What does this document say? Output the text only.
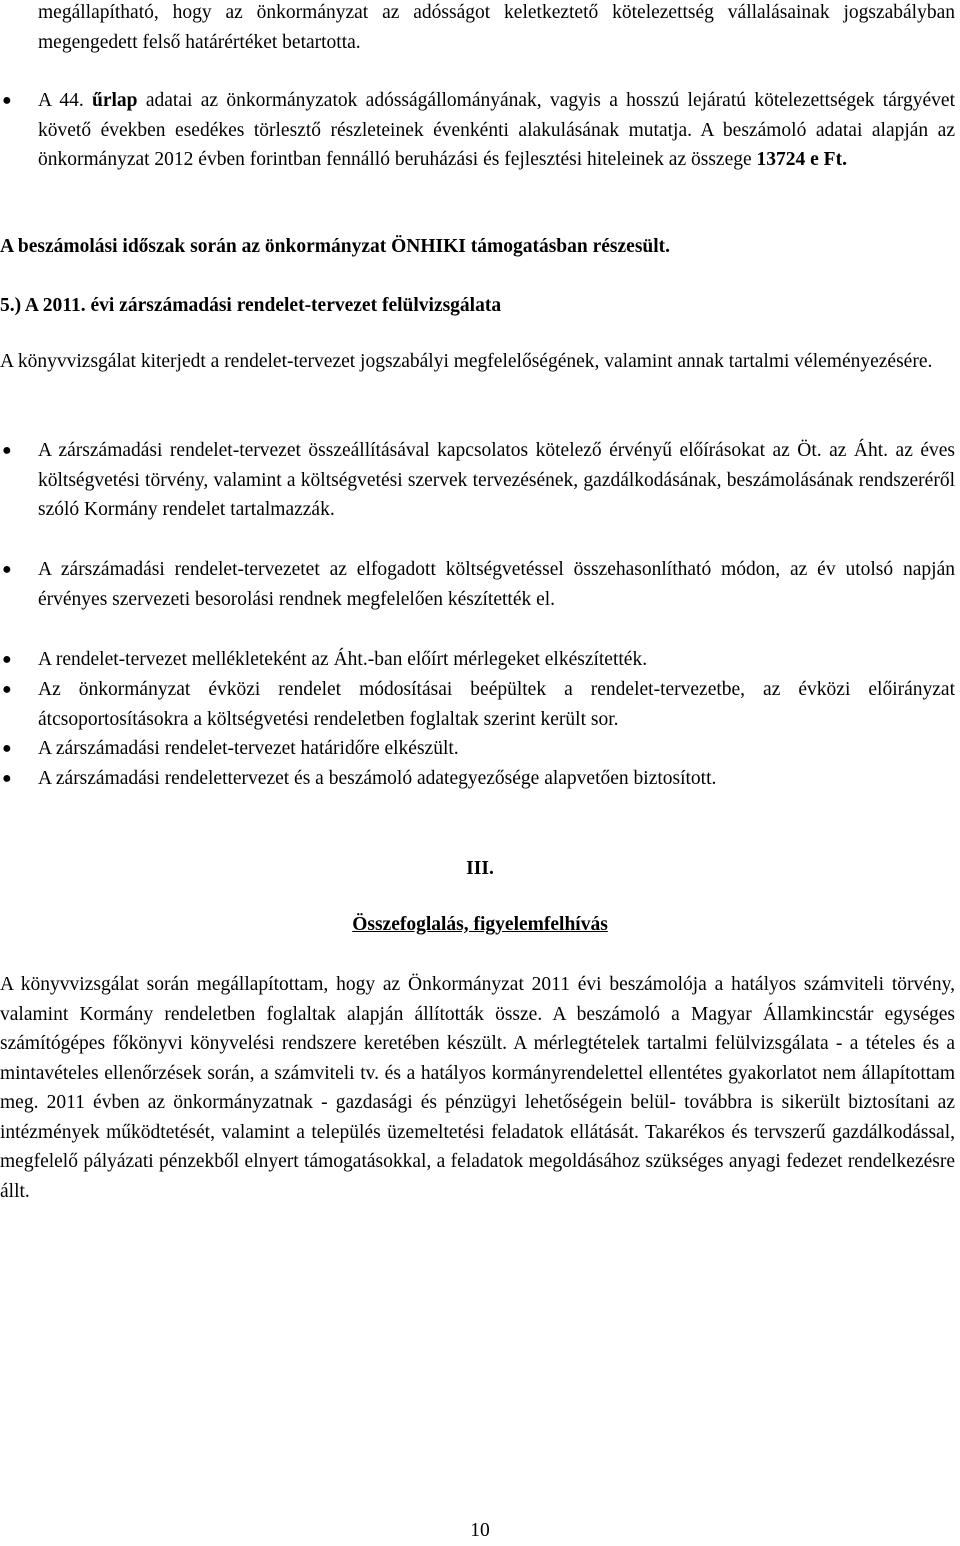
megállapítható, hogy az önkormányzat az adósságot keletkeztető kötelezettség vállalásainak jogszabályban megengedett felső határértéket betartotta.

● A 44. űrlap adatai az önkormányzatok adósságállományának, vagyis a hosszú lejáratú kötelezettségek tárgyévet követő években esedékes törlesztő részleteinek évenkénti alakulásának mutatja. A beszámoló adatai alapján az önkormányzat 2012 évben forintban fennálló beruházási és fejlesztési hiteleinek az összege 13724 e Ft.

A beszámolási időszak során az önkormányzat ÖNHIKI támogatásban részesült.

5.) A 2011. évi zárszámadási rendelet-tervezet felülvizsgálata

A könyvvizsgálat kiterjedt a rendelet-tervezet jogszabályi megfelelőségének, valamint annak tartalmi véleményezésére.

● A zárszámadási rendelet-tervezet összeállításával kapcsolatos kötelező érvényű előírásokat az Öt. az Áht. az éves költségvetési törvény, valamint a költségvetési szervek tervezésének, gazdálkodásának, beszámolásának rendszeréről szóló Kormány rendelet tartalmazzák.
● A zárszámadási rendelet-tervezetet az elfogadott költségvetéssel összehasonlítható módon, az év utolsó napján érvényes szervezeti besorolási rendnek megfelelően készítették el.
● A rendelet-tervezet mellékleteként az Áht.-ban előírt mérlegeket elkészítették.
● Az önkormányzat évközi rendelet módosításai beépültek a rendelet-tervezetbe, az évközi előirányzat átcsoportosításokra a költségvetési rendeletben foglaltak szerint került sor.
● A zárszámadási rendelet-tervezet határidőre elkészült.
● A zárszámadási rendelettervezet és a beszámoló adategyezősége alapvetően biztosított.

III.

Összefoglalás, figyelemfelhívás

A könyvvizsgálat során megállapítottam, hogy az Önkormányzat 2011 évi beszámolója a hatályos számviteli törvény, valamint Kormány rendeletben foglaltak alapján állították össze. A beszámoló a Magyar Államkincstár egységes számítógépes főkönyvi könyvelési rendszere keretében készült. A mérlegtételek tartalmi felülvizsgálata - a tételes és a mintavételes ellenőrzések során, a számviteli tv. és a hatályos kormányrendelettel ellentétes gyakorlatot nem állapítottam meg. 2011 évben az önkormányzatnak - gazdasági és pénzügyi lehetőségein belül- továbbra is sikerült biztosítani az intézmények működtetését, valamint a település üzemeltetési feladatok ellátását. Takarékos és tervszerű gazdálkodással, megfelelő pályázati pénzekből elnyert támogatásokkal, a feladatok megoldásához szükséges anyagi fedezet rendelkezésre állt.

10
